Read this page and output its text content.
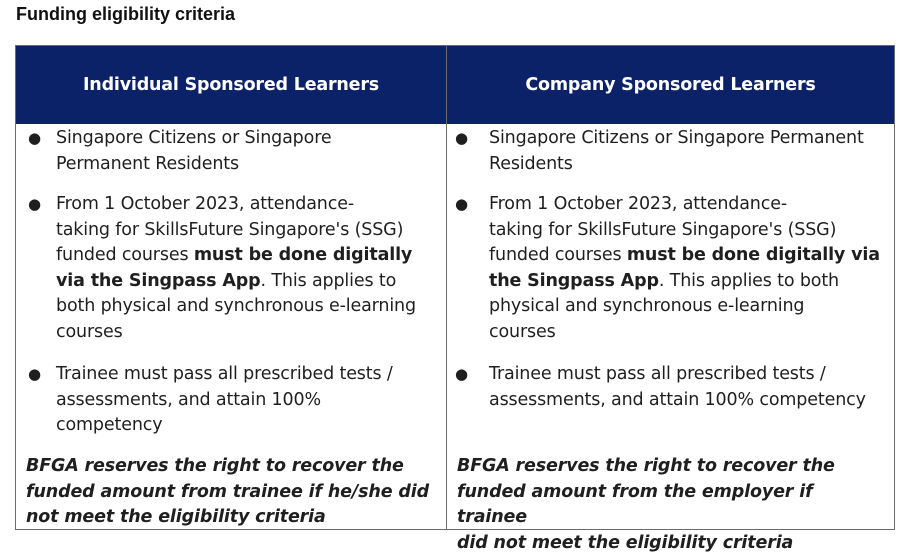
Funding eligibility criteria
Individual Sponsored Learners	Company Sponsored Learners
● Singapore Citizens or Singapore
Permanent Residents
● From 1 October 2023, attendance-
taking for SkillsFuture Singapore's (SSG)
funded courses must be done digitally
via the Singpass App. This applies to
both physical and synchronous e-learning
courses
● Trainee must pass all prescribed tests /
assessments, and attain 100%
competency
BFGA reserves the right to recover the
funded amount from trainee if he/she did
not meet the eligibility criteria
● Singapore Citizens or Singapore Permanent
Residents
● From 1 October 2023, attendance-
taking for SkillsFuture Singapore's (SSG)
funded courses must be done digitally via
the Singpass App. This applies to both
physical and synchronous e-learning
courses
● Trainee must pass all prescribed tests /
assessments, and attain 100% competency
BFGA reserves the right to recover the
funded amount from the employer if trainee
did not meet the eligibility criteria
